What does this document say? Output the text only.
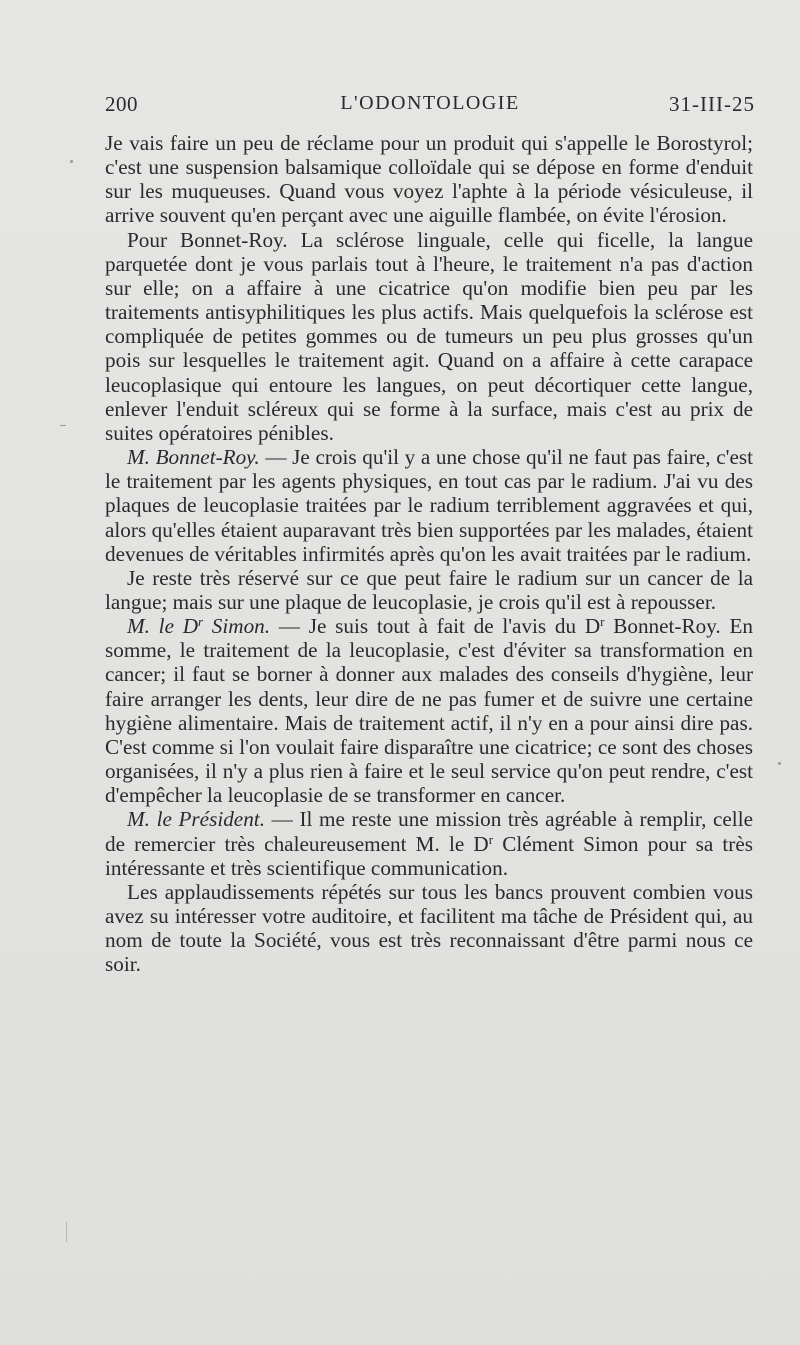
200	L'ODONTOLOGIE	31-III-25

Je vais faire un peu de réclame pour un produit qui s'appelle le Borostyrol; c'est une suspension balsamique colloïdale qui se dépose en forme d'enduit sur les muqueuses. Quand vous voyez l'aphte à la période vésiculeuse, il arrive souvent qu'en perçant avec une aiguille flambée, on évite l'érosion.

Pour Bonnet-Roy. La sclérose linguale, celle qui ficelle, la langue parquetée dont je vous parlais tout à l'heure, le traitement n'a pas d'action sur elle; on a affaire à une cicatrice qu'on modifie bien peu par les traitements antisyphilitiques les plus actifs. Mais quelquefois la sclérose est compliquée de petites gommes ou de tumeurs un peu plus grosses qu'un pois sur lesquelles le traitement agit. Quand on a affaire à cette carapace leucoplasique qui entoure les langues, on peut décortiquer cette langue, enlever l'enduit scléreux qui se forme à la surface, mais c'est au prix de suites opératoires pénibles.

M. Bonnet-Roy. — Je crois qu'il y a une chose qu'il ne faut pas faire, c'est le traitement par les agents physiques, en tout cas par le radium. J'ai vu des plaques de leucoplasie traitées par le radium terriblement aggravées et qui, alors qu'elles étaient auparavant très bien supportées par les malades, étaient devenues de véritables infirmités après qu'on les avait traitées par le radium.

Je reste très réservé sur ce que peut faire le radium sur un cancer de la langue; mais sur une plaque de leucoplasie, je crois qu'il est à repousser.

M. le $D^r$ Simon. — Je suis tout à fait de l'avis du $D^r$ Bonnet-Roy. En somme, le traitement de la leucoplasie, c'est d'éviter sa transformation en cancer; il faut se borner à donner aux malades des conseils d'hygiène, leur faire arranger les dents, leur dire de ne pas fumer et de suivre une certaine hygiène alimentaire. Mais de traitement actif, il n'y en a pour ainsi dire pas. C'est comme si l'on voulait faire disparaître une cicatrice; ce sont des choses organisées, il n'y a plus rien à faire et le seul service qu'on peut rendre, c'est d'empêcher la leucoplasie de se transformer en cancer.

M. le Président. — Il me reste une mission très agréable à remplir, celle de remercier très chaleureusement M. le $D^r$ Clément Simon pour sa très intéressante et très scientifique communication.

Les applaudissements répétés sur tous les bancs prouvent combien vous avez su intéresser votre auditoire, et facilitent ma tâche de Président qui, au nom de toute la Société, vous est très reconnaissant d'être parmi nous ce soir.
